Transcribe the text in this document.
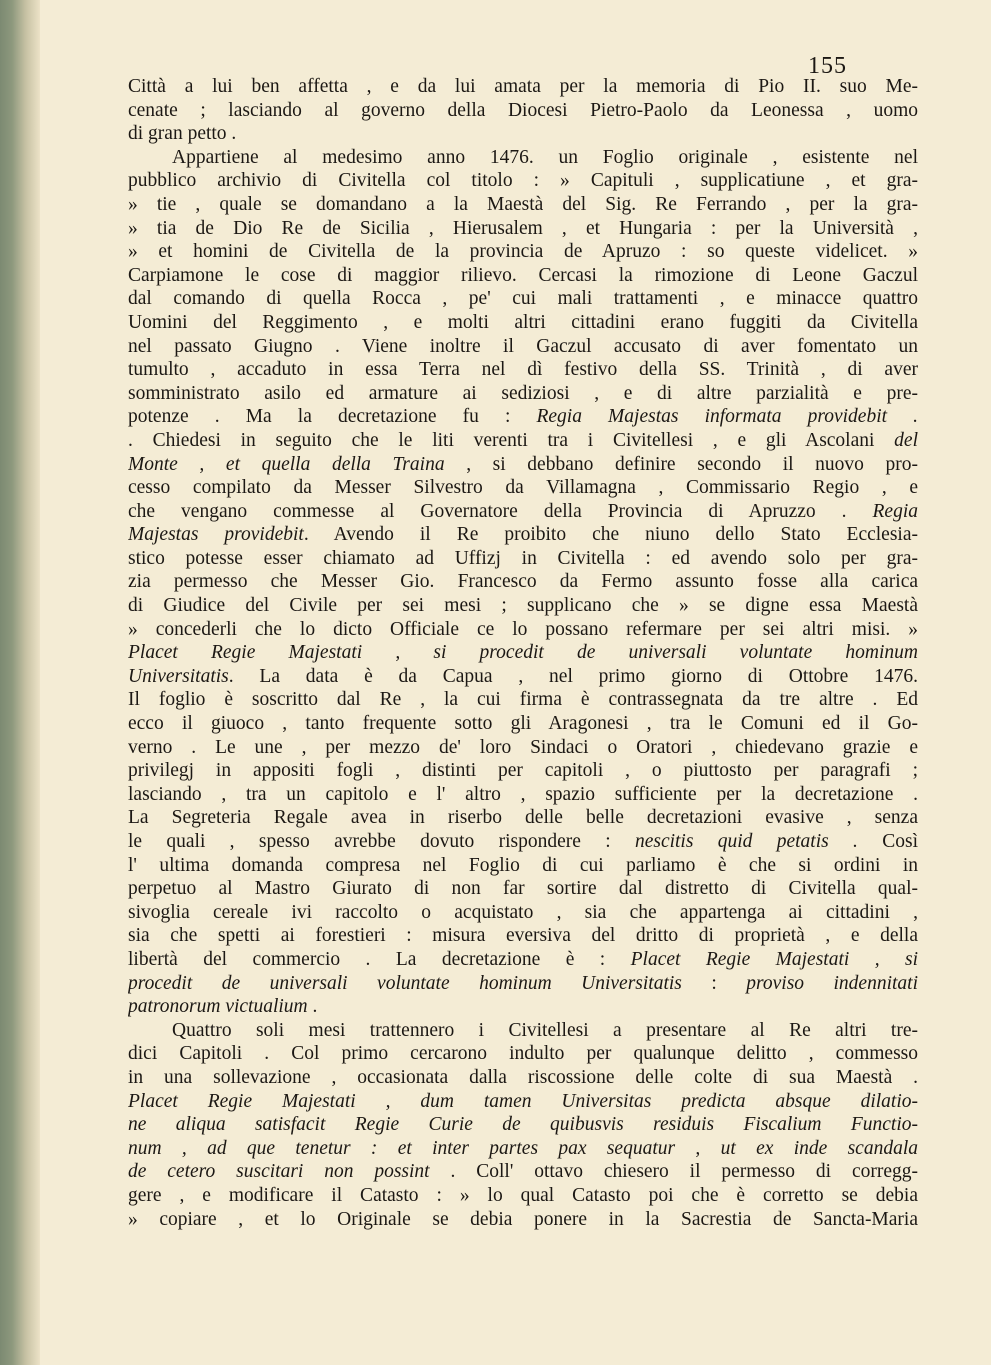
155
Città a lui ben affetta , e da lui amata per la memoria di Pio II. suo Me-
cenate ; lasciando al governo della Diocesi Pietro-Paolo da Leonessa , uomo
di gran petto .
Appartiene al medesimo anno 1476. un Foglio originale , esistente nel
pubblico archivio di Civitella col titolo : » Capituli , supplicatiune , et gra-
» tie , quale se domandano a la Maestà del Sig. Re Ferrando , per la gra-
» tia de Dio Re de Sicilia , Hierusalem , et Hungaria : per la Università ,
» et homini de Civitella de la provincia de Apruzo : so queste videlicet. »
Carpiamone le cose di maggior rilievo. Cercasi la rimozione di Leone Gaczul
dal comando di quella Rocca , pe' cui mali trattamenti , e minacce quattro
Uomini del Reggimento , e molti altri cittadini erano fuggiti da Civitella
nel passato Giugno . Viene inoltre il Gaczul accusato di aver fomentato un
tumulto , accaduto in essa Terra nel dì festivo della SS. Trinità , di aver
somministrato asilo ed armature ai sediziosi , e di altre parzialità e pre-
potenze . Ma la decretazione fu : Regia Majestas informata providebit .
. Chiedesi in seguito che le liti verenti tra i Civitellesi , e gli Ascolani del
Monte , et quella della Traina , si debbano definire secondo il nuovo pro-
cesso compilato da Messer Silvestro da Villamagna , Commissario Regio , e
che vengano commesse al Governatore della Provincia di Apruzzo . Regia
Majestas providebit. Avendo il Re proibito che niuno dello Stato Ecclesia-
stico potesse esser chiamato ad Uffizj in Civitella : ed avendo solo per gra-
zia permesso che Messer Gio. Francesco da Fermo assunto fosse alla carica
di Giudice del Civile per sei mesi ; supplicano che » se digne essa Maestà
» concederli che lo dicto Officiale ce lo possano refermare per sei altri misi. »
Placet Regie Majestati , si procedit de universali voluntate hominum
Universitatis. La data è da Capua , nel primo giorno di Ottobre 1476.
Il foglio è soscritto dal Re , la cui firma è contrassegnata da tre altre . Ed
ecco il giuoco , tanto frequente sotto gli Aragonesi , tra le Comuni ed il Go-
verno . Le une , per mezzo de' loro Sindaci o Oratori , chiedevano grazie e
privilegj in appositi fogli , distinti per capitoli , o piuttosto per paragrafi ;
lasciando , tra un capitolo e l' altro , spazio sufficiente per la decretazione .
La Segreteria Regale avea in riserbo delle belle decretazioni evasive , senza
le quali , spesso avrebbe dovuto rispondere : nescitis quid petatis . Così
l' ultima domanda compresa nel Foglio di cui parliamo è che si ordini in
perpetuo al Mastro Giurato di non far sortire dal distretto di Civitella qual-
sivoglia cereale ivi raccolto o acquistato , sia che appartenga ai cittadini ,
sia che spetti ai forestieri : misura eversiva del dritto di proprietà , e della
libertà del commercio . La decretazione è : Placet Regie Majestati , si
procedit de universali voluntate hominum Universitatis : proviso indennitati
patronorum victualium .
Quattro soli mesi trattennero i Civitellesi a presentare al Re altri tre-
dici Capitoli . Col primo cercarono indulto per qualunque delitto , commesso
in una sollevazione , occasionata dalla riscossione delle colte di sua Maestà .
Placet Regie Majestati , dum tamen Universitas predicta absque dilatio-
ne aliqua satisfacit Regie Curie de quibusvis residuis Fiscalium Functio-
num , ad que tenetur : et inter partes pax sequatur , ut ex inde scandala
de cetero suscitari non possint . Coll' ottavo chiesero il permesso di corregg-
gere , e modificare il Catasto : » lo qual Catasto poi che è corretto se debia
» copiare , et lo Originale se debia ponere in la Sacrestia de Sancta-Maria
